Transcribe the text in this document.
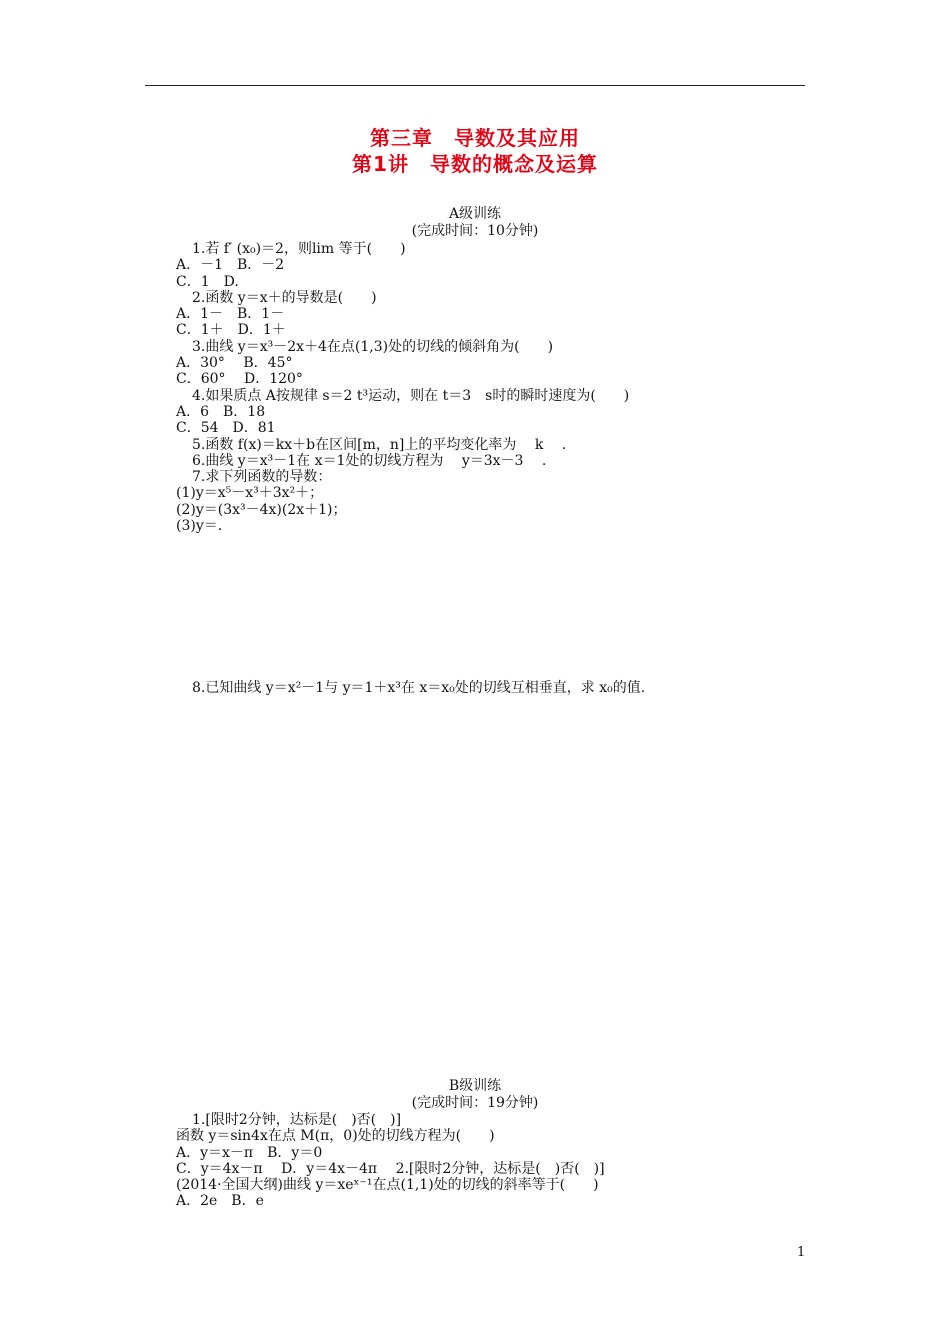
第三章　导数及其应用
第1讲　导数的概念及运算
A级训练
(完成时间：10分钟)
1.若 f′ (x₀)＝2，则lim 等于(　　)
A．－1　B．－2
C．1　D.
2.函数 y＝x＋的导数是(　　)
A．1－　B．1－
C．1＋　D．1＋
3.曲线 y＝x³－2x＋4在点(1,3)处的切线的倾斜角为(　　)
A．30°　 B．45°
C．60°　 D．120°
4.如果质点 A按规律 s＝2 t³运动，则在 t＝3　s时的瞬时速度为(　　)
A．6　B．18
C．54　D．81
5.函数 f(x)＝kx＋b在区间[m，n]上的平均变化率为　 k　 .
6.曲线 y＝x³－1在 x＝1处的切线方程为　 y＝3x－3　 .
7.求下列函数的导数：
(1)y＝x⁵－x³＋3x²＋；
(2)y＝(3x³－4x)(2x＋1)；
(3)y＝.
8.已知曲线 y＝x²－1与 y＝1＋x³在 x＝x₀处的切线互相垂直，求 x₀的值.
B级训练
(完成时间：19分钟)
1.[限时2分钟，达标是(　)否(　)]
函数 y＝sin4x在点 M(π，0)处的切线方程为(　　)
A．y＝x－π　B．y＝0
C．y＝4x－π　 D．y＝4x－4π　 2.[限时2分钟，达标是(　)否(　)]
(2014·全国大纲)曲线 y＝xeˣ⁻¹在点(1,1)处的切线的斜率等于(　　)
A．2e　B．e
1
